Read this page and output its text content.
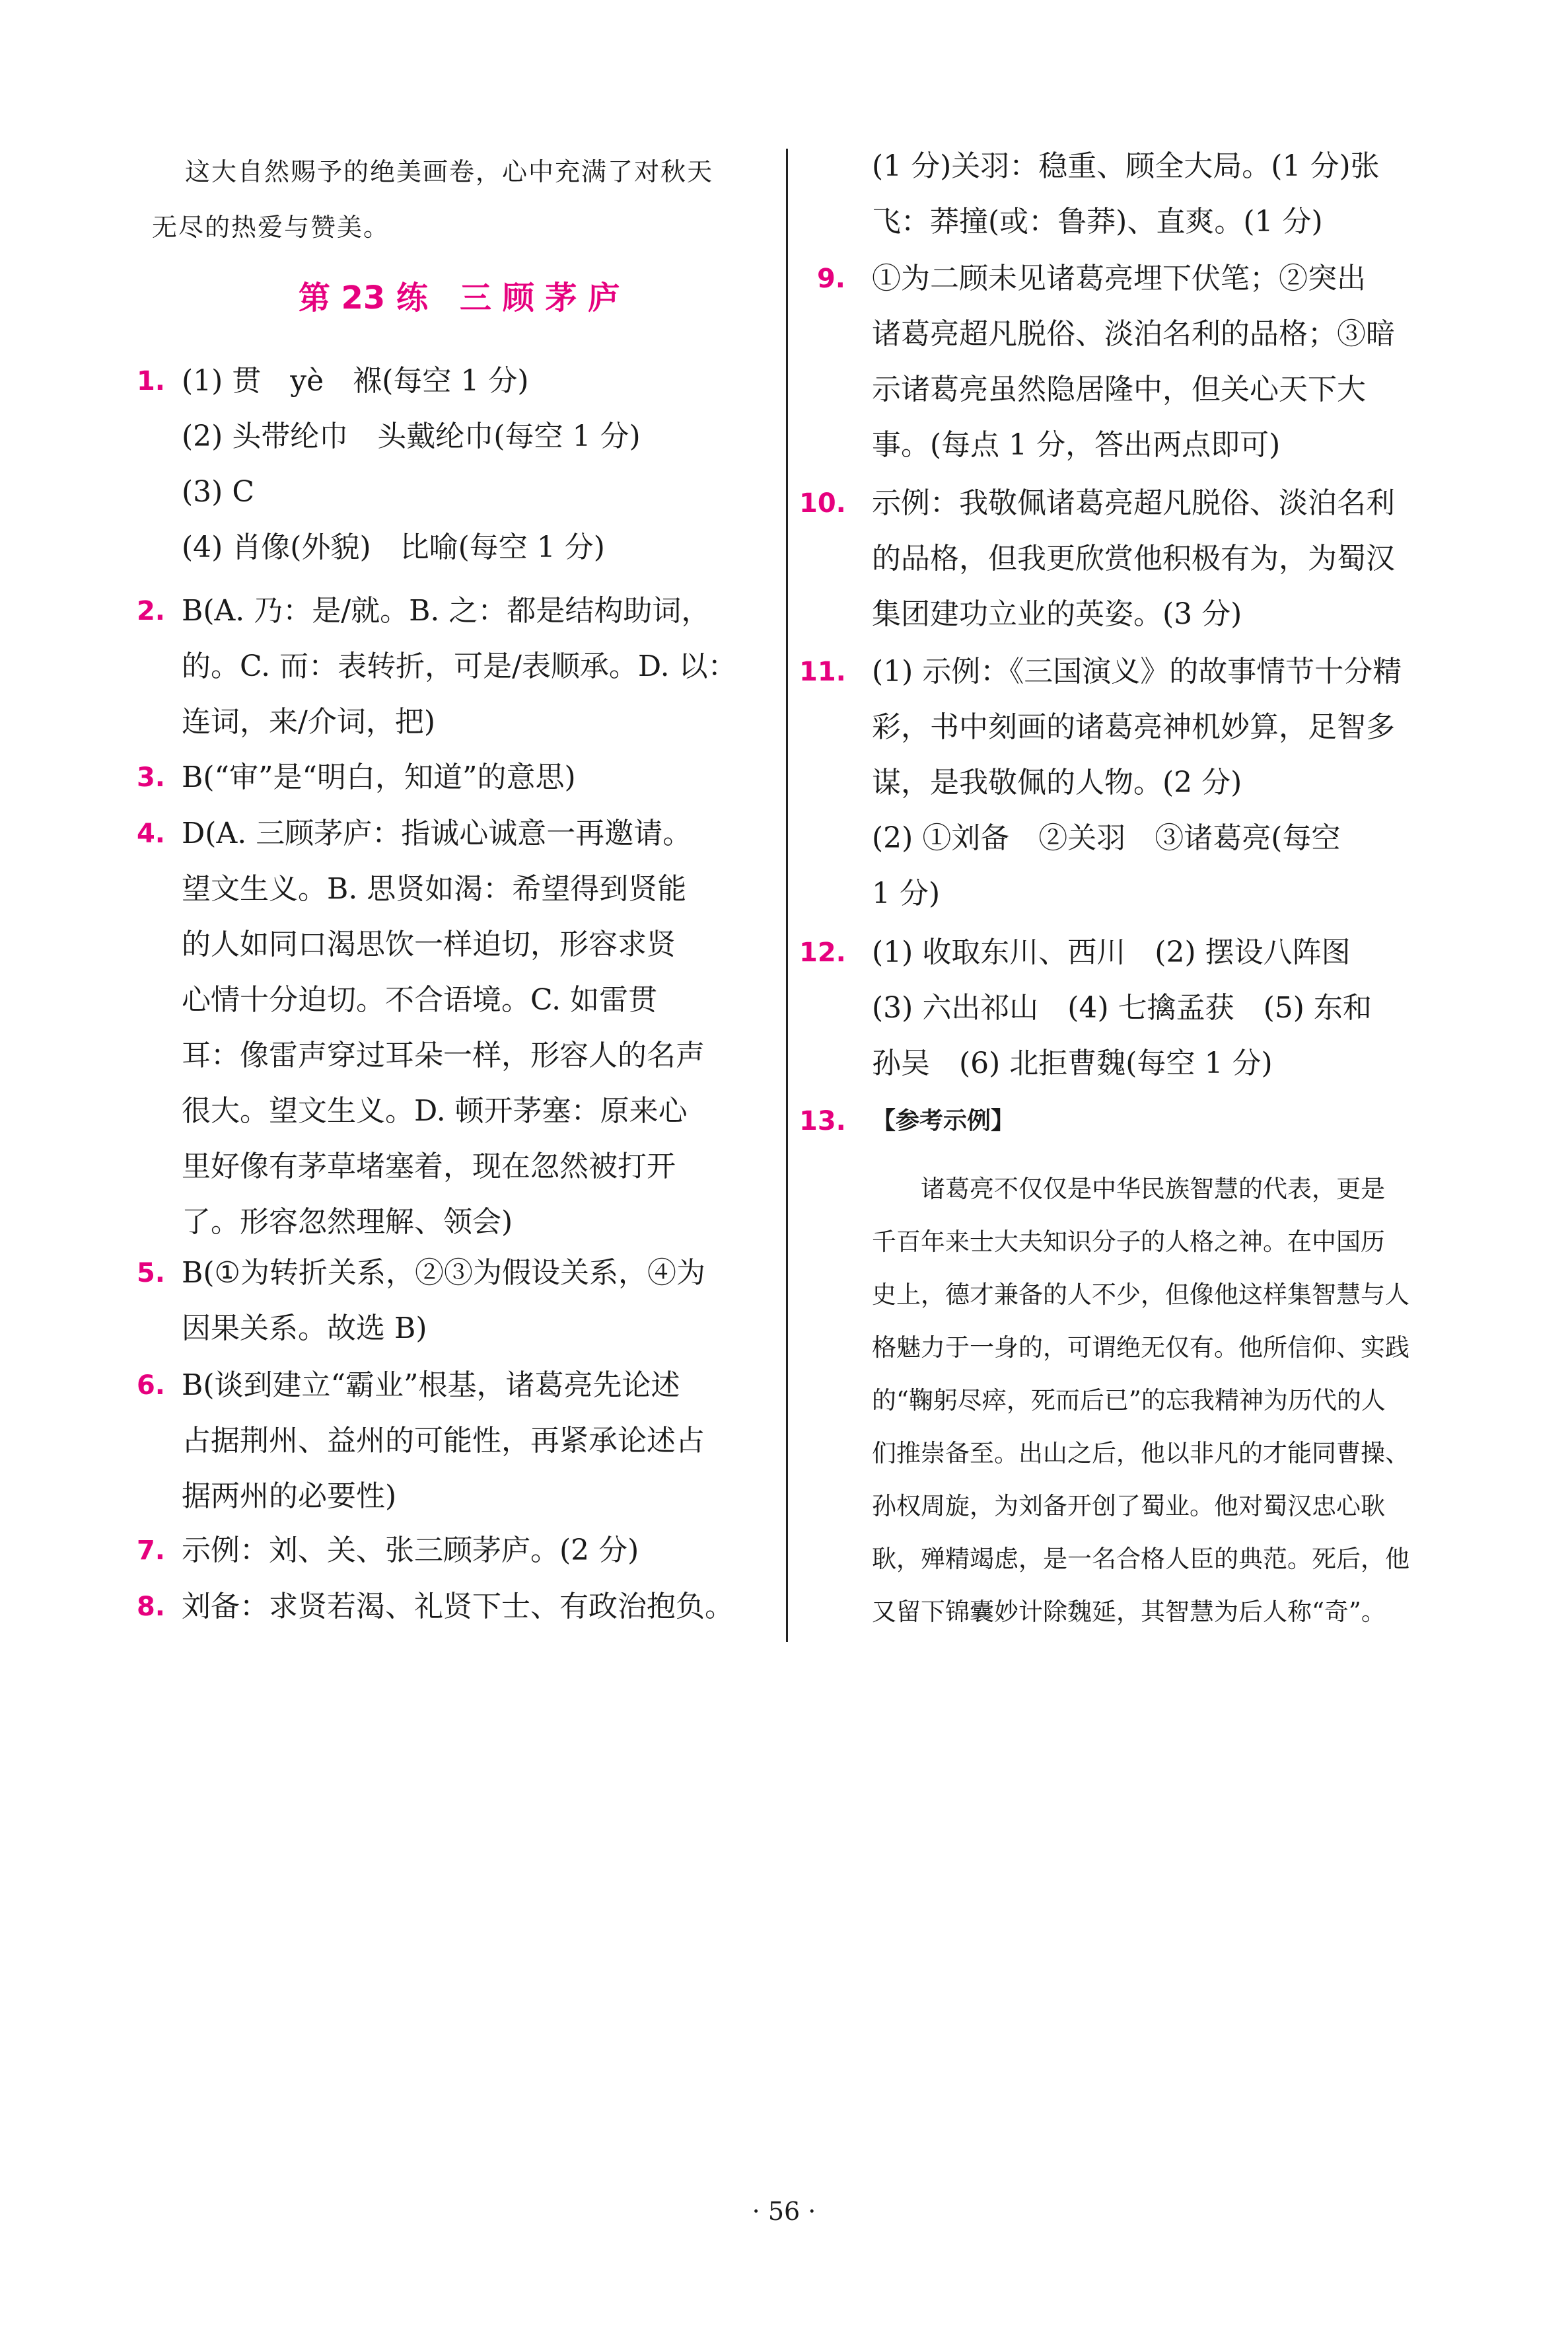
这大自然赐予的绝美画卷，心中充满了对秋天
无尽的热爱与赞美。
第 23 练　三 顾 茅 庐
1. (1) 贯　yè　褓(每空 1 分)
(2) 头带纶巾　头戴纶巾(每空 1 分)
(3) C
(4) 肖像(外貌)　比喻(每空 1 分)
2. B(A. 乃：是/就。B. 之：都是结构助词，
的。C. 而：表转折，可是/表顺承。D. 以：
连词，来/介词，把)
3. B(“审”是“明白，知道”的意思)
4. D(A. 三顾茅庐：指诚心诚意一再邀请。
望文生义。B. 思贤如渴：希望得到贤能
的人如同口渴思饮一样迫切，形容求贤
心情十分迫切。不合语境。C. 如雷贯
耳：像雷声穿过耳朵一样，形容人的名声
很大。望文生义。D. 顿开茅塞：原来心
里好像有茅草堵塞着，现在忽然被打开
了。形容忽然理解、领会)
5. B(①为转折关系，②③为假设关系，④为
因果关系。故选 B)
6. B(谈到建立“霸业”根基，诸葛亮先论述
占据荆州、益州的可能性，再紧承论述占
据两州的必要性)
7. 示例：刘、关、张三顾茅庐。(2 分)
8. 刘备：求贤若渴、礼贤下士、有政治抱负。
(1 分)关羽：稳重、顾全大局。(1 分)张
飞：莽撞(或：鲁莽)、直爽。(1 分)
9. ①为二顾未见诸葛亮埋下伏笔；②突出
诸葛亮超凡脱俗、淡泊名利的品格；③暗
示诸葛亮虽然隐居隆中，但关心天下大
事。(每点 1 分，答出两点即可)
10. 示例：我敬佩诸葛亮超凡脱俗、淡泊名利
的品格，但我更欣赏他积极有为，为蜀汉
集团建功立业的英姿。(3 分)
11. (1) 示例：《三国演义》的故事情节十分精
彩，书中刻画的诸葛亮神机妙算，足智多
谋，是我敬佩的人物。(2 分)
(2) ①刘备　②关羽　③诸葛亮(每空
1 分)
12. (1) 收取东川、西川　(2) 摆设八阵图
(3) 六出祁山　(4) 七擒孟获　(5) 东和
孙吴　(6) 北拒曹魏(每空 1 分)
13. 【参考示例】
诸葛亮不仅仅是中华民族智慧的代表，更是
千百年来士大夫知识分子的人格之神。在中国历
史上，德才兼备的人不少，但像他这样集智慧与人
格魅力于一身的，可谓绝无仅有。他所信仰、实践
的“鞠躬尽瘁，死而后已”的忘我精神为历代的人
们推崇备至。出山之后，他以非凡的才能同曹操、
孙权周旋，为刘备开创了蜀业。他对蜀汉忠心耿
耿，殚精竭虑，是一名合格人臣的典范。死后，他
又留下锦囊妙计除魏延，其智慧为后人称“奇”。
· 56 ·
